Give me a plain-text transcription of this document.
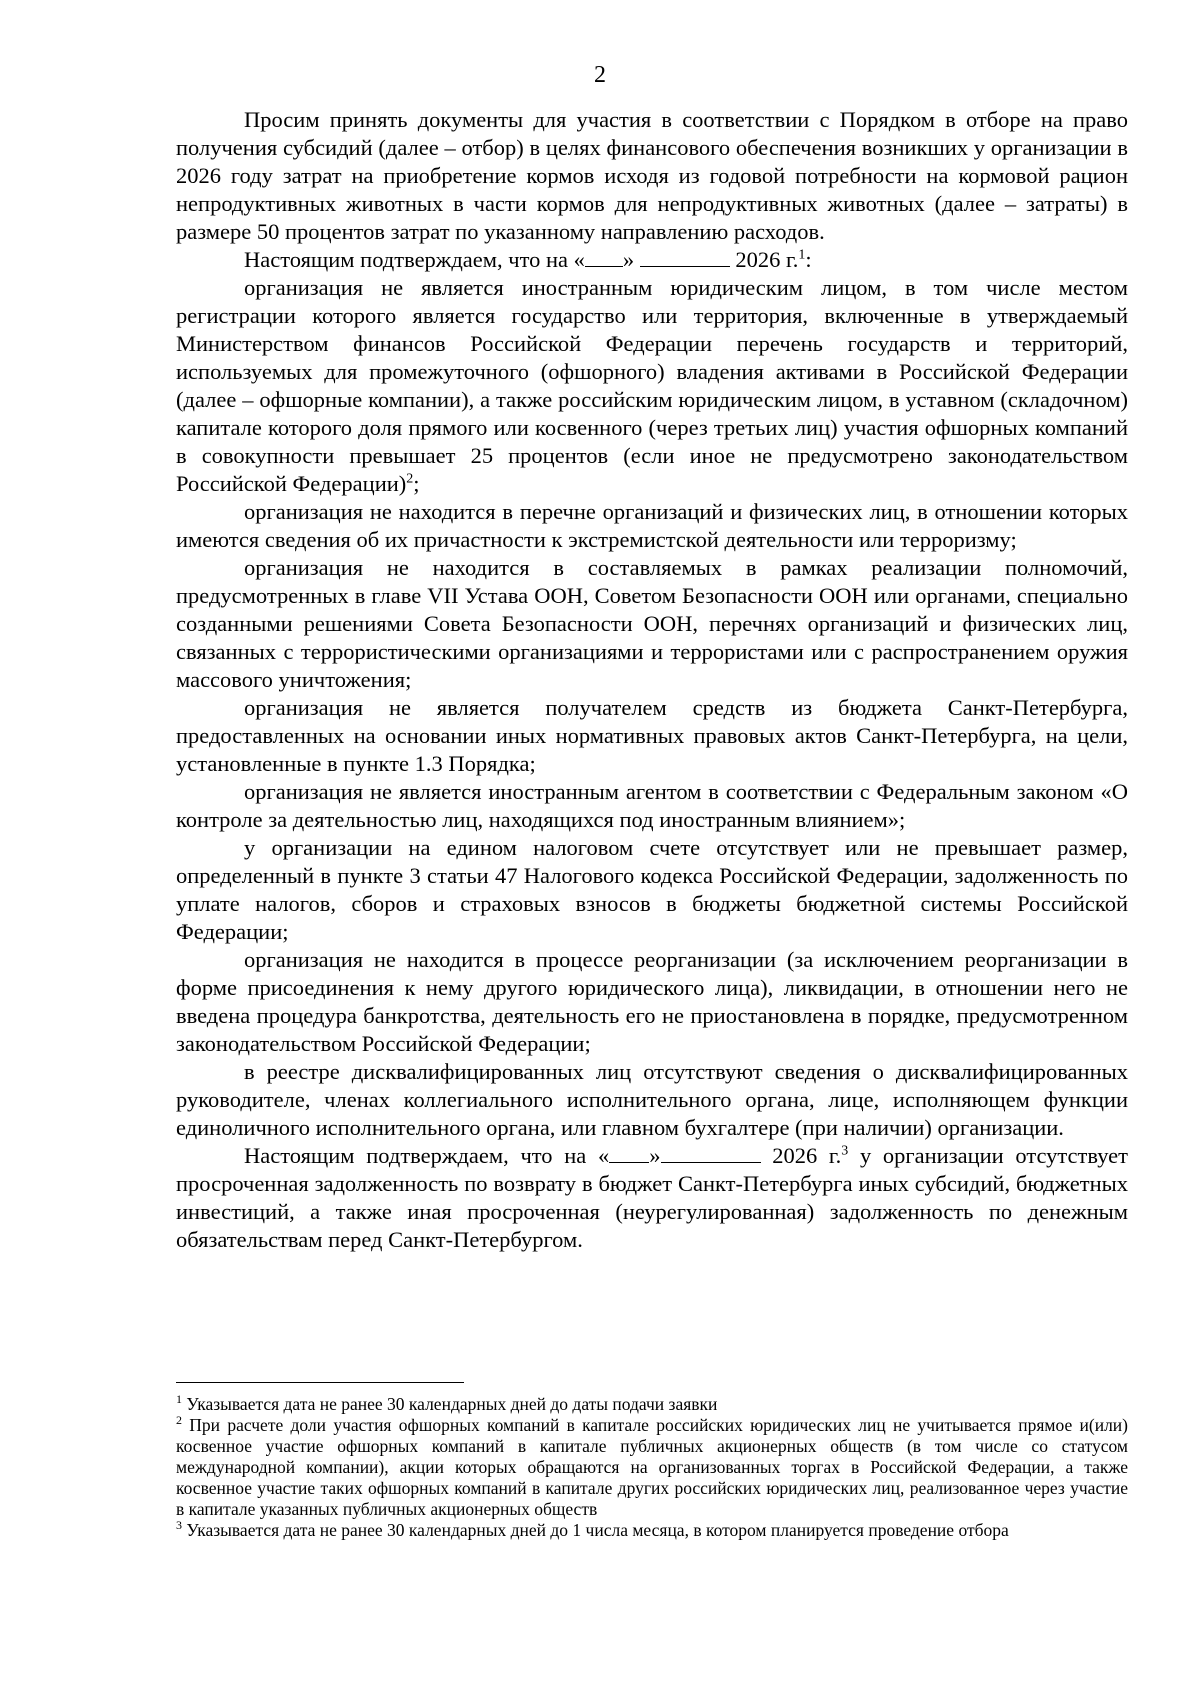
2

Просим принять документы для участия в соответствии с Порядком в отборе на право получения субсидий (далее – отбор) в целях финансового обеспечения возникших у организации в 2026 году затрат на приобретение кормов исходя из годовой потребности на кормовой рацион непродуктивных животных в части кормов для непродуктивных животных (далее – затраты) в размере 50 процентов затрат по указанному направлению расходов.

Настоящим подтверждаем, что на « »	2026 г.$^1$:

организация не является иностранным юридическим лицом, в том числе местом регистрации которого является государство или территория, включенные в утверждаемый Министерством финансов Российской Федерации перечень государств и территорий, используемых для промежуточного (офшорного) владения активами в Российской Федерации (далее – офшорные компании), а также российским юридическим лицом, в уставном (складочном) капитале которого доля прямого или косвенного (через третьих лиц) участия офшорных компаний в совокупности превышает 25 процентов (если иное не предусмотрено законодательством Российской Федерации)$^2$;

организация не находится в перечне организаций и физических лиц, в отношении которых имеются сведения об их причастности к экстремистской деятельности или терроризму;

организация не находится в составляемых в рамках реализации полномочий, предусмотренных в главе VII Устава ООН, Советом Безопасности ООН или органами, специально созданными решениями Совета Безопасности ООН, перечнях организаций и физических лиц, связанных с террористическими организациями и террористами или с распространением оружия массового уничтожения;

организация не является получателем средств из бюджета Санкт-Петербурга, предоставленных на основании иных нормативных правовых актов Санкт-Петербурга, на цели, установленные в пункте 1.3 Порядка;

организация не является иностранным агентом в соответствии с Федеральным законом «О контроле за деятельностью лиц, находящихся под иностранным влиянием»;

у организации на едином налоговом счете отсутствует или не превышает размер, определенный в пункте 3 статьи 47 Налогового кодекса Российской Федерации, задолженность по уплате налогов, сборов и страховых взносов в бюджеты бюджетной системы Российской Федерации;

организация не находится в процессе реорганизации (за исключением реорганизации в форме присоединения к нему другого юридического лица), ликвидации, в отношении него не введена процедура банкротства, деятельность его не приостановлена в порядке, предусмотренном законодательством Российской Федерации;

в реестре дисквалифицированных лиц отсутствуют сведения о дисквалифицированных руководителе, членах коллегиального исполнительного органа, лице, исполняющем функции единоличного исполнительного органа, или главном бухгалтере (при наличии) организации.

Настоящим подтверждаем, что на « »	2026 г.$^3$ у организации отсутствует просроченная задолженность по возврату в бюджет Санкт-Петербурга иных субсидий, бюджетных инвестиций, а также иная просроченная (неурегулированная) задолженность по денежным обязательствам перед Санкт-Петербургом.

$^1$ Указывается дата не ранее 30 календарных дней до даты подачи заявки

$^2$ При расчете доли участия офшорных компаний в капитале российских юридических лиц не учитывается прямое и(или) косвенное участие офшорных компаний в капитале публичных акционерных обществ (в том числе со статусом международной компании), акции которых обращаются на организованных торгах в Российской Федерации, а также косвенное участие таких офшорных компаний в капитале других российских юридических лиц, реализованное через участие в капитале указанных публичных акционерных обществ

$^3$ Указывается дата не ранее 30 календарных дней до 1 числа месяца, в котором планируется проведение отбора
